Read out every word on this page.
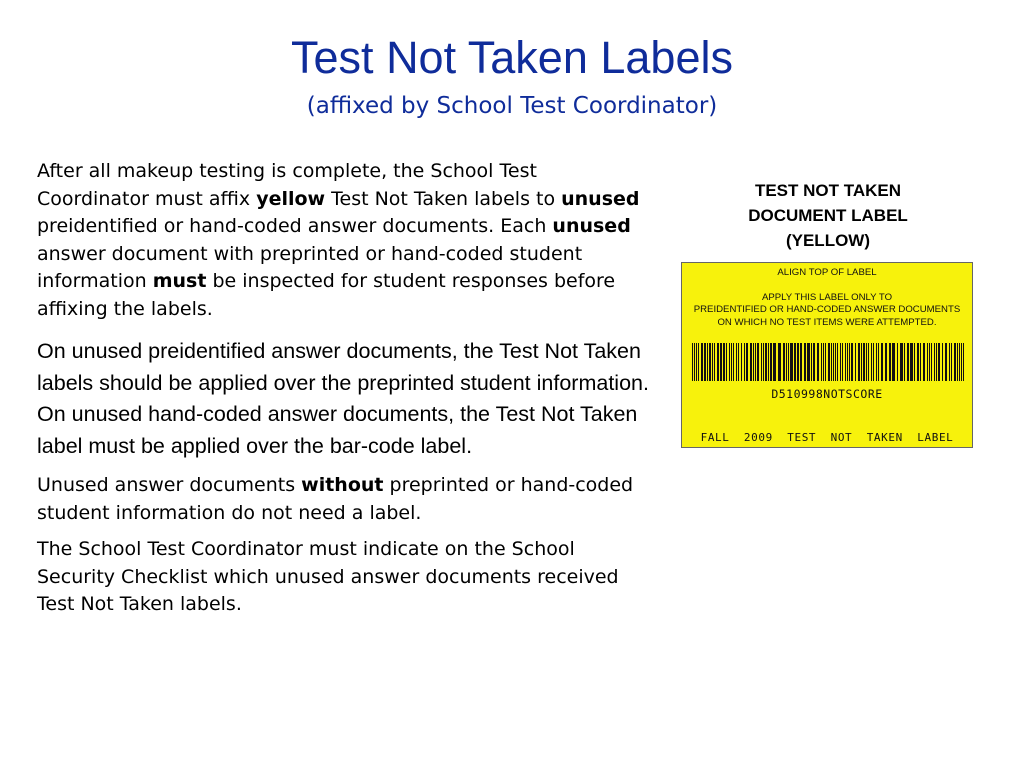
Test Not Taken Labels
(affixed by School Test Coordinator)

After all makeup testing is complete, the School Test Coordinator must affix yellow Test Not Taken labels to unused preidentified or hand-coded answer documents. Each unused answer document with preprinted or hand-coded student information must be inspected for student responses before affixing the labels.

On unused preidentified answer documents, the Test Not Taken labels should be applied over the preprinted student information. On unused hand-coded answer documents, the Test Not Taken label must be applied over the bar-code label.

Unused answer documents without preprinted or hand-coded student information do not need a label.

The School Test Coordinator must indicate on the School Security Checklist which unused answer documents received Test Not Taken labels.

TEST NOT TAKEN
DOCUMENT LABEL
(YELLOW)
ALIGN TOP OF LABEL
APPLY THIS LABEL ONLY TO
PREIDENTIFIED OR HAND-CODED ANSWER DOCUMENTS
ON WHICH NO TEST ITEMS WERE ATTEMPTED.
D510998NOTSCORE
FALL  2009  TEST  NOT  TAKEN  LABEL
